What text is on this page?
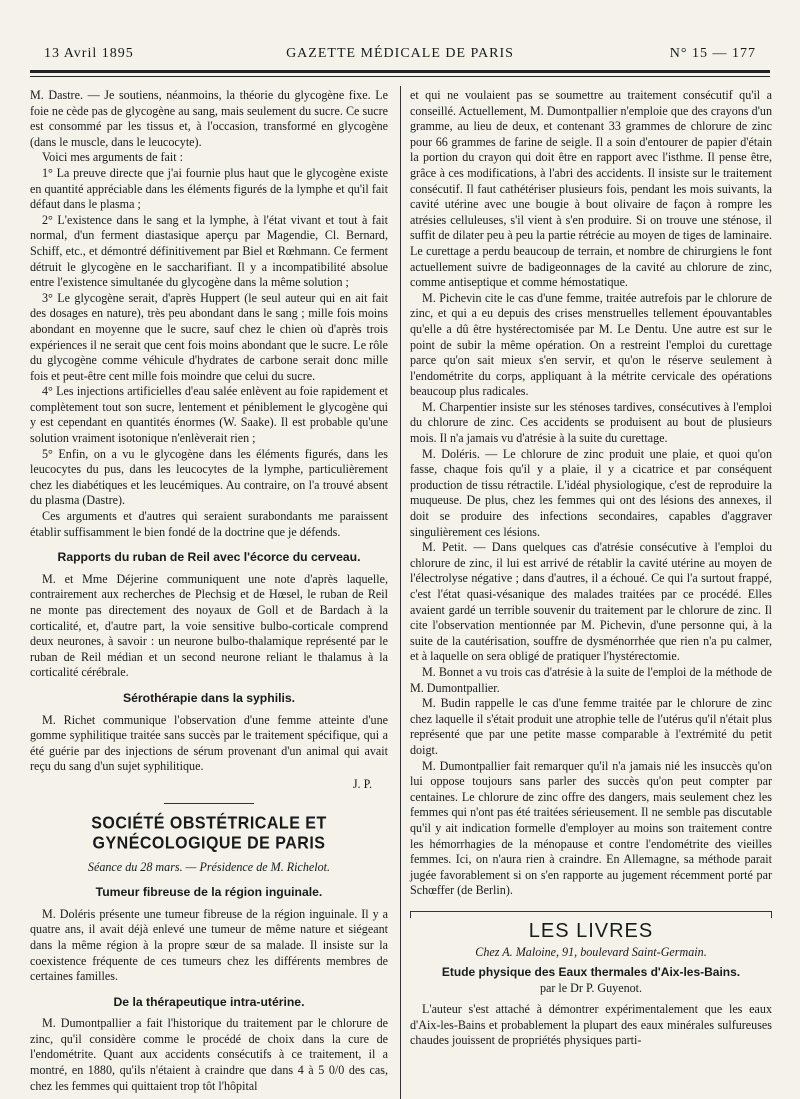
13 Avril 1895	GAZETTE MÉDICALE DE PARIS	N° 15 — 177

M. Dastre. — Je soutiens, néanmoins, la théorie du glycogène fixe. Le foie ne cède pas de glycogène au sang, mais seulement du sucre. Ce sucre est consommé par les tissus et, à l'occasion, transformé en glycogène (dans le muscle, dans le leucocyte).

Voici mes arguments de fait :

1° La preuve directe que j'ai fournie plus haut que le glycogène existe en quantité appréciable dans les éléments figurés de la lymphe et qu'il fait défaut dans le plasma ;

2° L'existence dans le sang et la lymphe, à l'état vivant et tout à fait normal, d'un ferment diastasique aperçu par Magendie, Cl. Bernard, Schiff, etc., et démontré définitivement par Biel et Rœhmann. Ce ferment détruit le glycogène en le saccharifiant. Il y a incompatibilité absolue entre l'existence simultanée du glycogène dans la même solution ;

3° Le glycogène serait, d'après Huppert (le seul auteur qui en ait fait des dosages en nature), très peu abondant dans le sang ; mille fois moins abondant en moyenne que le sucre, sauf chez le chien où d'après trois expériences il ne serait que cent fois moins abondant que le sucre. Le rôle du glycogène comme véhicule d'hydrates de carbone serait donc mille fois et peut-être cent mille fois moindre que celui du sucre.

4° Les injections artificielles d'eau salée enlèvent au foie rapidement et complètement tout son sucre, lentement et péniblement le glycogène qui y est cependant en quantités énormes (W. Saake). Il est probable qu'une solution vraiment isotonique n'enlèverait rien ;

5° Enfin, on a vu le glycogène dans les éléments figurés, dans les leucocytes du pus, dans les leucocytes de la lymphe, particulièrement chez les diabétiques et les leucémiques. Au contraire, on l'a trouvé absent du plasma (Dastre).

Ces arguments et d'autres qui seraient surabondants me paraissent établir suffisamment le bien fondé de la doctrine que je défends.

Rapports du ruban de Reil avec l'écorce du cerveau.

M. et Mme Déjerine communiquent une note d'après laquelle, contrairement aux recherches de Plechsig et de Hœsel, le ruban de Reil ne monte pas directement des noyaux de Goll et de Bardach à la corticalité, et, d'autre part, la voie sensitive bulbo-corticale comprend deux neurones, à savoir : un neurone bulbo-thalamique représenté par le ruban de Reil médian et un second neurone reliant le thalamus à la corticalité cérébrale.

Sérothérapie dans la syphilis.

M. Richet communique l'observation d'une femme atteinte d'une gomme syphilitique traitée sans succès par le traitement spécifique, qui a été guérie par des injections de sérum provenant d'un animal qui avait reçu du sang d'un sujet syphilitique.

J. P.
SOCIÉTÉ OBSTÉTRICALE ET GYNÉCOLOGIQUE DE PARIS
Séance du 28 mars. — Présidence de M. Richelot.
Tumeur fibreuse de la région inguinale.

M. Doléris présente une tumeur fibreuse de la région inguinale. Il y a quatre ans, il avait déjà enlevé une tumeur de même nature et siégeant dans la même région à la propre sœur de sa malade. Il insiste sur la coexistence fréquente de ces tumeurs chez les différents membres de certaines familles.

De la thérapeutique intra-utérine.

M. Dumontpallier a fait l'historique du traitement par le chlorure de zinc, qu'il considère comme le procédé de choix dans la cure de l'endométrite. Quant aux accidents consécutifs à ce traitement, il a montré, en 1880, qu'ils n'étaient à craindre que dans 4 à 5 0/0 des cas, chez les femmes qui quittaient trop tôt l'hôpital

et qui ne voulaient pas se soumettre au traitement consécutif qu'il a conseillé. Actuellement, M. Dumontpallier n'emploie que des crayons d'un gramme, au lieu de deux, et contenant 33 grammes de chlorure de zinc pour 66 grammes de farine de seigle. Il a soin d'entourer de papier d'étain la portion du crayon qui doit être en rapport avec l'isthme. Il pense être, grâce à ces modifications, à l'abri des accidents. Il insiste sur le traitement consécutif. Il faut cathétériser plusieurs fois, pendant les mois suivants, la cavité utérine avec une bougie à bout olivaire de façon à rompre les atrésies celluleuses, s'il vient à s'en produire. Si on trouve une sténose, il suffit de dilater peu à peu la partie rétrécie au moyen de tiges de laminaire. Le curettage a perdu beaucoup de terrain, et nombre de chirurgiens le font actuellement suivre de badigeonnages de la cavité au chlorure de zinc, comme antiseptique et comme hémostatique.

M. Pichevin cite le cas d'une femme, traitée autrefois par le chlorure de zinc, et qui a eu depuis des crises menstruelles tellement épouvantables qu'elle a dû être hystérectomisée par M. Le Dentu. Une autre est sur le point de subir la même opération. On a restreint l'emploi du curettage parce qu'on sait mieux s'en servir, et qu'on le réserve seulement à l'endométrite du corps, appliquant à la métrite cervicale des opérations beaucoup plus radicales.

M. Charpentier insiste sur les sténoses tardives, consécutives à l'emploi du chlorure de zinc. Ces accidents se produisent au bout de plusieurs mois. Il n'a jamais vu d'atrésie à la suite du curettage.

M. Doléris. — Le chlorure de zinc produit une plaie, et quoi qu'on fasse, chaque fois qu'il y a plaie, il y a cicatrice et par conséquent production de tissu rétractile. L'idéal physiologique, c'est de reproduire la muqueuse. De plus, chez les femmes qui ont des lésions des annexes, il doit se produire des infections secondaires, capables d'aggraver singulièrement ces lésions.

M. Petit. — Dans quelques cas d'atrésie consécutive à l'emploi du chlorure de zinc, il lui est arrivé de rétablir la cavité utérine au moyen de l'électrolyse négative ; dans d'autres, il a échoué. Ce qui l'a surtout frappé, c'est l'état quasi-vésanique des malades traitées par ce procédé. Elles avaient gardé un terrible souvenir du traitement par le chlorure de zinc. Il cite l'observation mentionnée par M. Pichevin, d'une personne qui, à la suite de la cautérisation, souffre de dysménorrhée que rien n'a pu calmer, et à laquelle on sera obligé de pratiquer l'hystérectomie.

M. Bonnet a vu trois cas d'atrésie à la suite de l'emploi de la méthode de M. Dumontpallier.

M. Budin rappelle le cas d'une femme traitée par le chlorure de zinc chez laquelle il s'était produit une atrophie telle de l'utérus qu'il n'était plus représenté que par une petite masse comparable à l'extrémité du petit doigt.

M. Dumontpallier fait remarquer qu'il n'a jamais nié les insuccès qu'on lui oppose toujours sans parler des succès qu'on peut compter par centaines. Le chlorure de zinc offre des dangers, mais seulement chez les femmes qui n'ont pas été traitées sérieusement. Il ne semble pas discutable qu'il y ait indication formelle d'employer au moins son traitement contre les hémorrhagies de la ménopause et contre l'endométrite des vieilles femmes. Ici, on n'aura rien à craindre. En Allemagne, sa méthode parait jugée favorablement si on s'en rapporte au jugement récemment porté par Schœffer (de Berlin).

LES LIVRES
Chez A. Maloine, 91, boulevard Saint-Germain.
Etude physique des Eaux thermales d'Aix-les-Bains.
par le Dr P. Guyenot.

L'auteur s'est attaché à démontrer expérimentalement que les eaux d'Aix-les-Bains et probablement la plupart des eaux minérales sulfureuses chaudes jouissent de propriétés physiques parti-
